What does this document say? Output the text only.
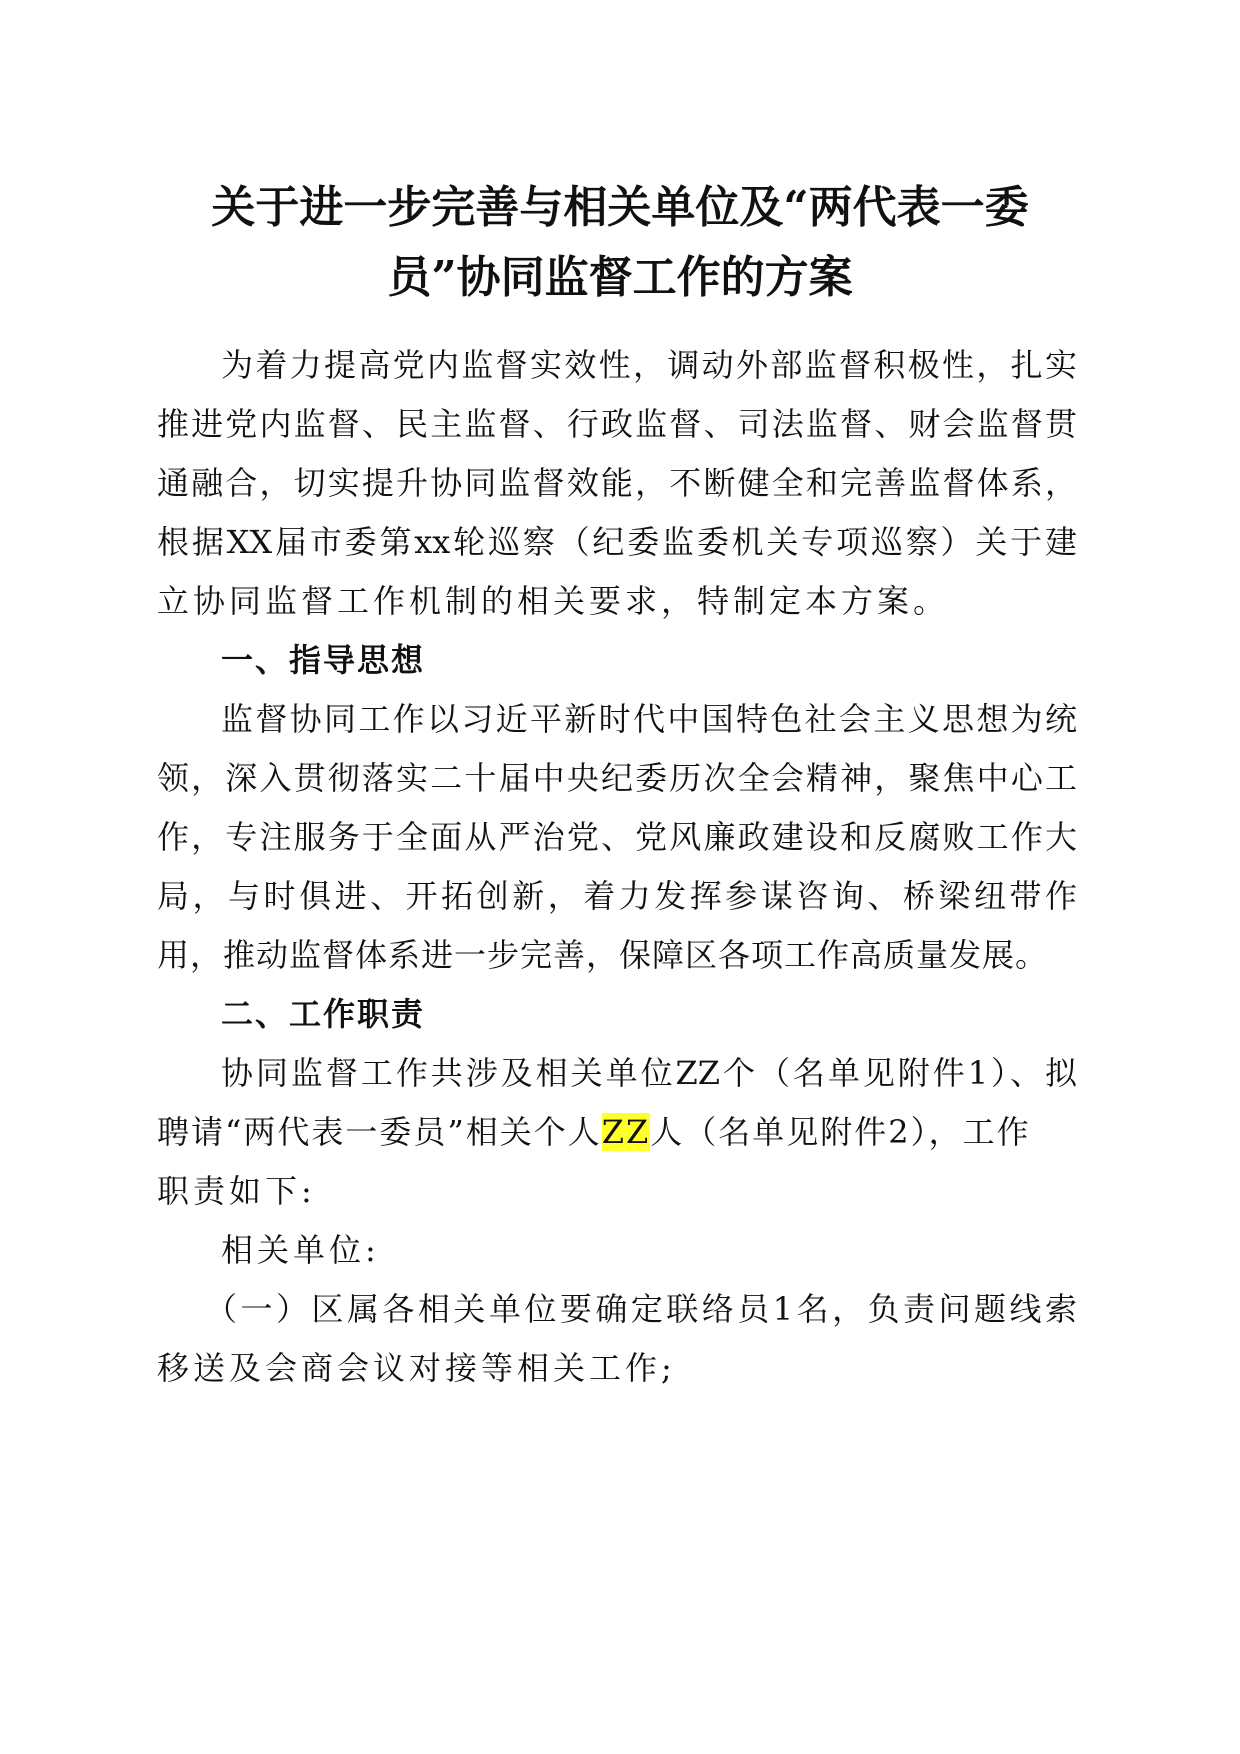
关于进一步完善与相关单位及“两代表一委
员”协同监督工作的方案

为着力提高党内监督实效性，调动外部监督积极性，扎实

推进党内监督、民主监督、行政监督、司法监督、财会监督贯

通融合，切实提升协同监督效能，不断健全和完善监督体系，

根据XX届市委第xx轮巡察（纪委监委机关专项巡察）关于建

立协同监督工作机制的相关要求，特制定本方案。

一、指导思想

监督协同工作以习近平新时代中国特色社会主义思想为统

领，深入贯彻落实二十届中央纪委历次全会精神，聚焦中心工

作，专注服务于全面从严治党、党风廉政建设和反腐败工作大

局，与时俱进、开拓创新，着力发挥参谋咨询、桥梁纽带作

用，推动监督体系进一步完善，保障区各项工作高质量发展。

二、工作职责

协同监督工作共涉及相关单位ZZ个（名单见附件1）、拟

聘请“两代表一委员”相关个人ZZ人（名单见附件2），工作

职责如下:

相关单位:

（一）区属各相关单位要确定联络员1名，负责问题线索

移送及会商会议对接等相关工作;
